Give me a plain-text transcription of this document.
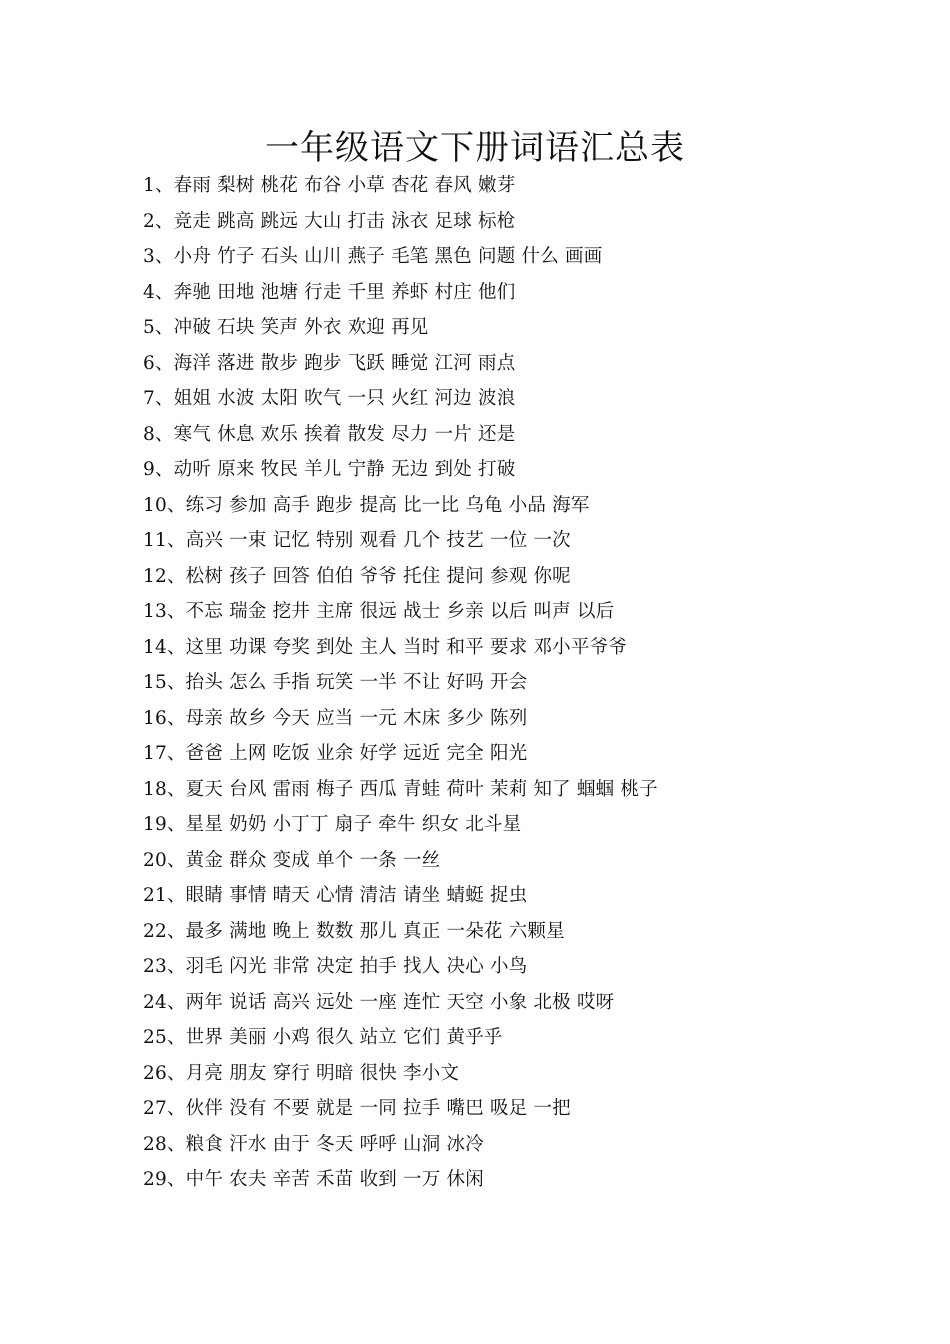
一年级语文下册词语汇总表
1、春雨 梨树 桃花 布谷 小草 杏花 春风 嫩芽
2、竞走 跳高 跳远 大山 打击 泳衣 足球 标枪
3、小舟 竹子 石头 山川 燕子 毛笔 黑色 问题 什么 画画
4、奔驰 田地 池塘 行走 千里 养虾 村庄 他们
5、冲破 石块 笑声 外衣 欢迎 再见
6、海洋 落进 散步 跑步 飞跃 睡觉 江河 雨点
7、姐姐 水波 太阳 吹气 一只 火红 河边 波浪
8、寒气 休息 欢乐 挨着 散发 尽力 一片 还是
9、动听 原来 牧民 羊儿 宁静 无边 到处 打破
10、练习 参加 高手 跑步 提高 比一比 乌龟 小品 海军
11、高兴 一束 记忆 特别 观看 几个 技艺 一位 一次
12、松树 孩子 回答 伯伯 爷爷 托住 提问 参观 你呢
13、不忘 瑞金 挖井 主席 很远 战士 乡亲 以后 叫声 以后
14、这里 功课 夸奖 到处 主人 当时 和平 要求 邓小平爷爷
15、抬头 怎么 手指 玩笑 一半 不让 好吗 开会
16、母亲 故乡 今天 应当 一元 木床 多少 陈列
17、爸爸 上网 吃饭 业余 好学 远近 完全 阳光
18、夏天 台风 雷雨 梅子 西瓜 青蛙 荷叶 茉莉 知了 蝈蝈 桃子
19、星星 奶奶 小丁丁 扇子 牵牛 织女 北斗星
20、黄金 群众 变成 单个 一条 一丝
21、眼睛 事情 晴天 心情 清洁 请坐 蜻蜓 捉虫
22、最多 满地 晚上 数数 那儿 真正 一朵花 六颗星
23、羽毛 闪光 非常 决定 拍手 找人 决心 小鸟
24、两年 说话 高兴 远处 一座 连忙 天空 小象 北极 哎呀
25、世界 美丽 小鸡 很久 站立 它们 黄乎乎
26、月亮 朋友 穿行 明暗 很快 李小文
27、伙伴 没有 不要 就是 一同 拉手 嘴巴 吸足 一把
28、粮食 汗水 由于 冬天 呼呼 山洞 冰冷
29、中午 农夫 辛苦 禾苗 收到 一万 休闲
